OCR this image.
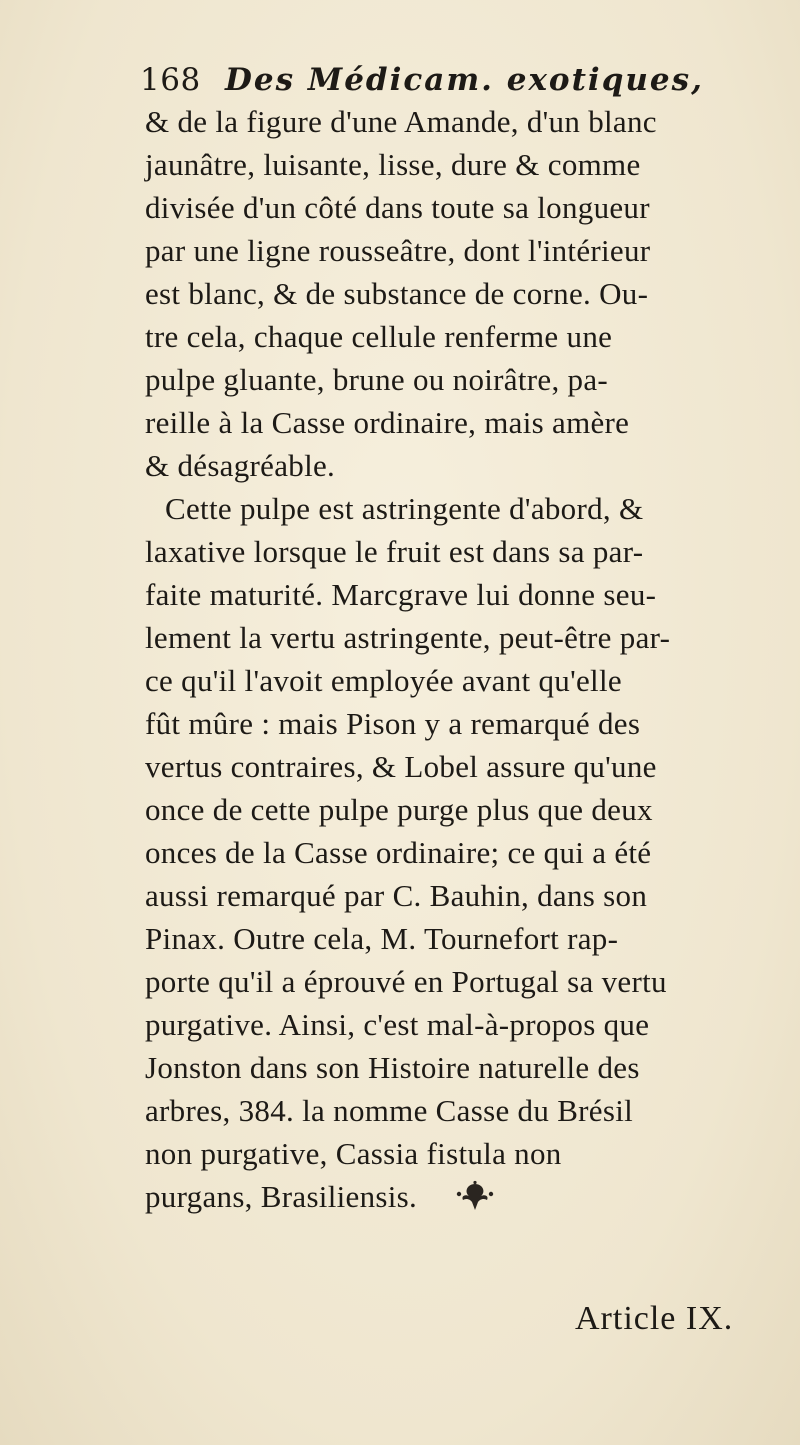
168 Des Médicam. exotiques,
& de la figure d'une Amande, d'un blanc
jaunâtre, luisante, lisse, dure & comme
divisée d'un côté dans toute sa longueur
par une ligne rousseâtre, dont l'intérieur
est blanc, & de substance de corne. Ou-
tre cela, chaque cellule renferme une
pulpe gluante, brune ou noirâtre, pa-
reille à la Casse ordinaire, mais amère
& désagréable.
Cette pulpe est astringente d'abord, &
laxative lorsque le fruit est dans sa par-
faite maturité. Marcgrave lui donne seu-
lement la vertu astringente, peut-être par-
ce qu'il l'avoit employée avant qu'elle
fût mûre : mais Pison y a remarqué des
vertus contraires, & Lobel assure qu'une
once de cette pulpe purge plus que deux
onces de la Casse ordinaire; ce qui a été
aussi remarqué par C. Bauhin, dans son
Pinax. Outre cela, M. Tournefort rap-
porte qu'il a éprouvé en Portugal sa vertu
purgative. Ainsi, c'est mal-à-propos que
Jonston dans son Histoire naturelle des
arbres, 384. la nomme Casse du Brésil
non purgative, Cassia fistula non
purgans, Brasiliensis.
Article IX.
